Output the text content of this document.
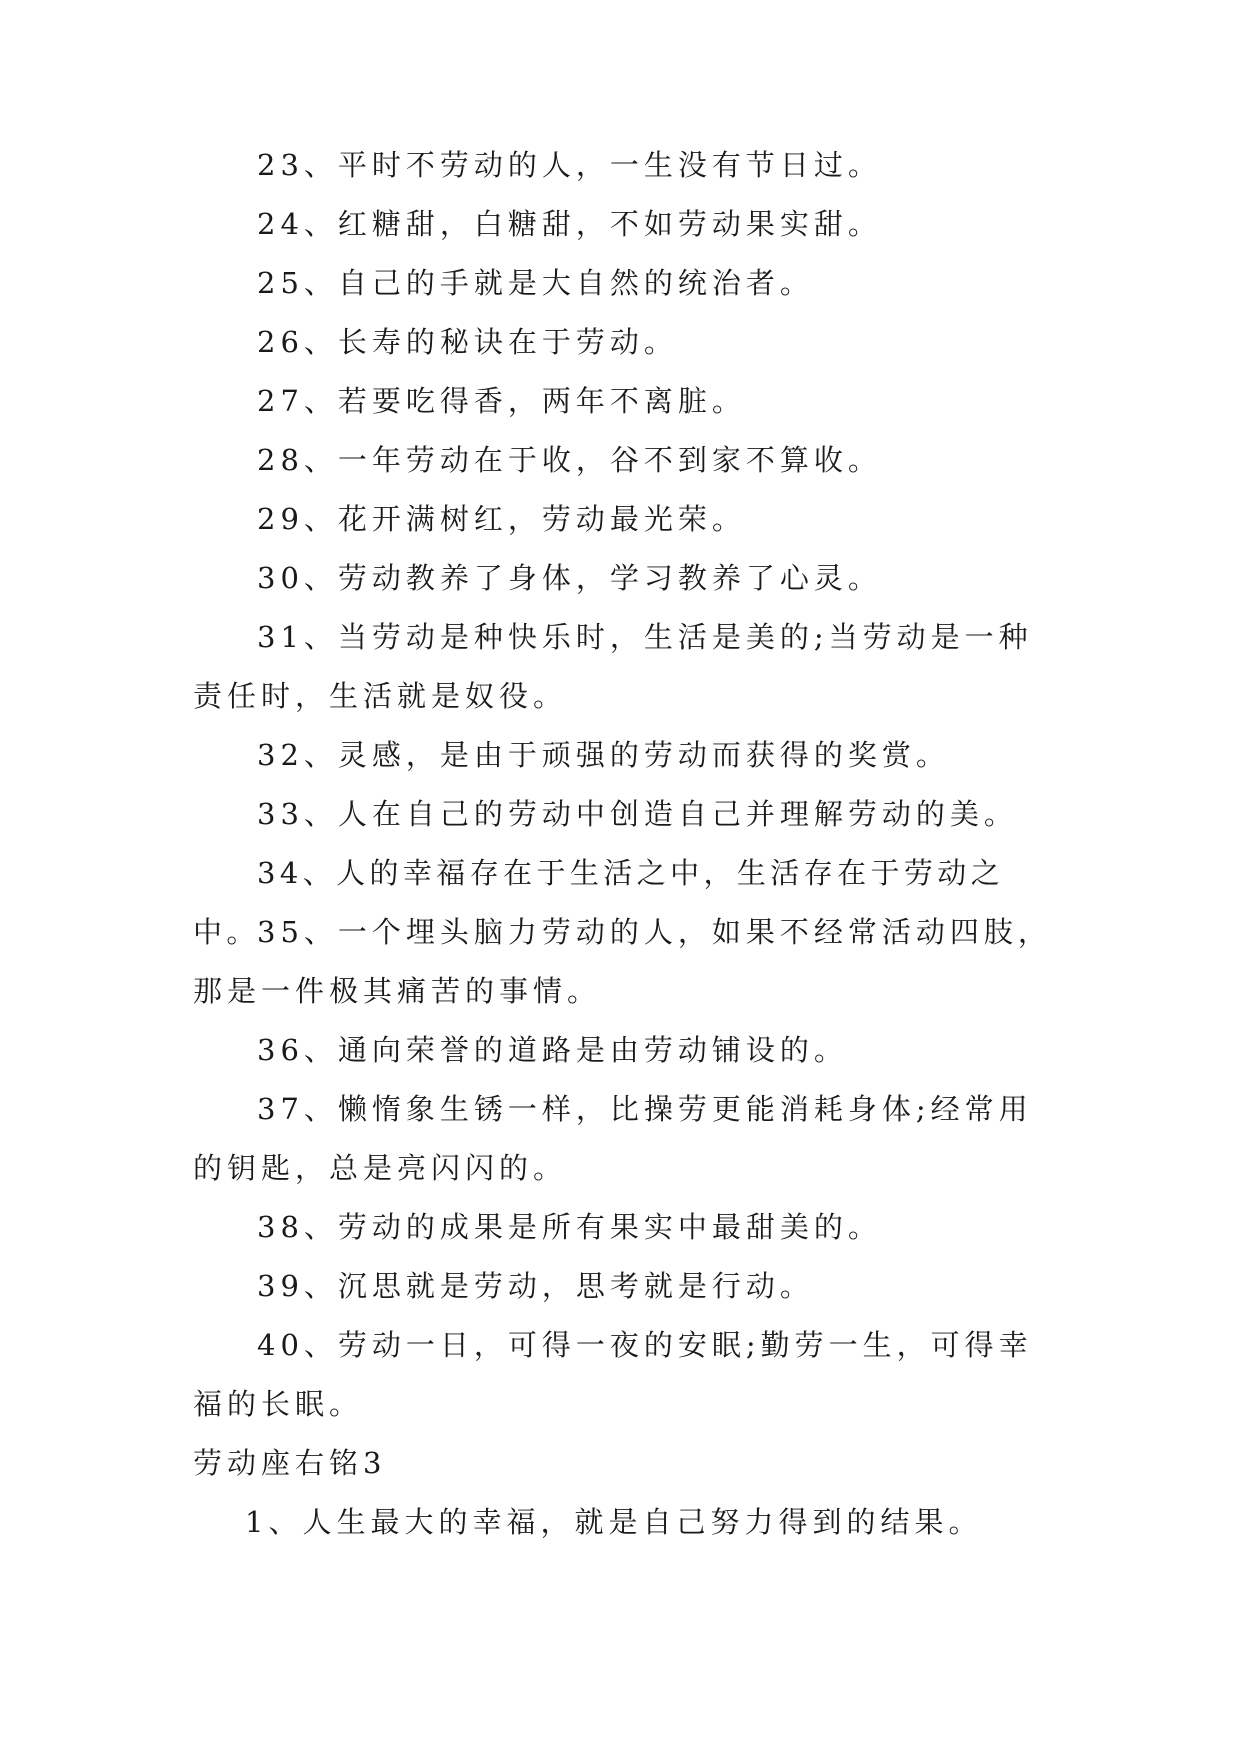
23、平时不劳动的人，一生没有节日过。

24、红糖甜，白糖甜，不如劳动果实甜。

25、自己的手就是大自然的统治者。

26、长寿的秘诀在于劳动。

27、若要吃得香，两年不离脏。

28、一年劳动在于收，谷不到家不算收。

29、花开满树红，劳动最光荣。

30、劳动教养了身体，学习教养了心灵。

31、当劳动是种快乐时，生活是美的;当劳动是一种责任时，生活就是奴役。

32、灵感，是由于顽强的劳动而获得的奖赏。

33、人在自己的劳动中创造自己并理解劳动的美。

34、人的幸福存在于生活之中，生活存在于劳动之中。

35、一个埋头脑力劳动的人，如果不经常活动四肢，那是一件极其痛苦的事情。

36、通向荣誉的道路是由劳动铺设的。

37、懒惰象生锈一样，比操劳更能消耗身体;经常用的钥匙，总是亮闪闪的。

38、劳动的成果是所有果实中最甜美的。

39、沉思就是劳动，思考就是行动。

40、劳动一日，可得一夜的安眠;勤劳一生，可得幸福的长眠。

劳动座右铭3

1、人生最大的幸福，就是自己努力得到的结果。
